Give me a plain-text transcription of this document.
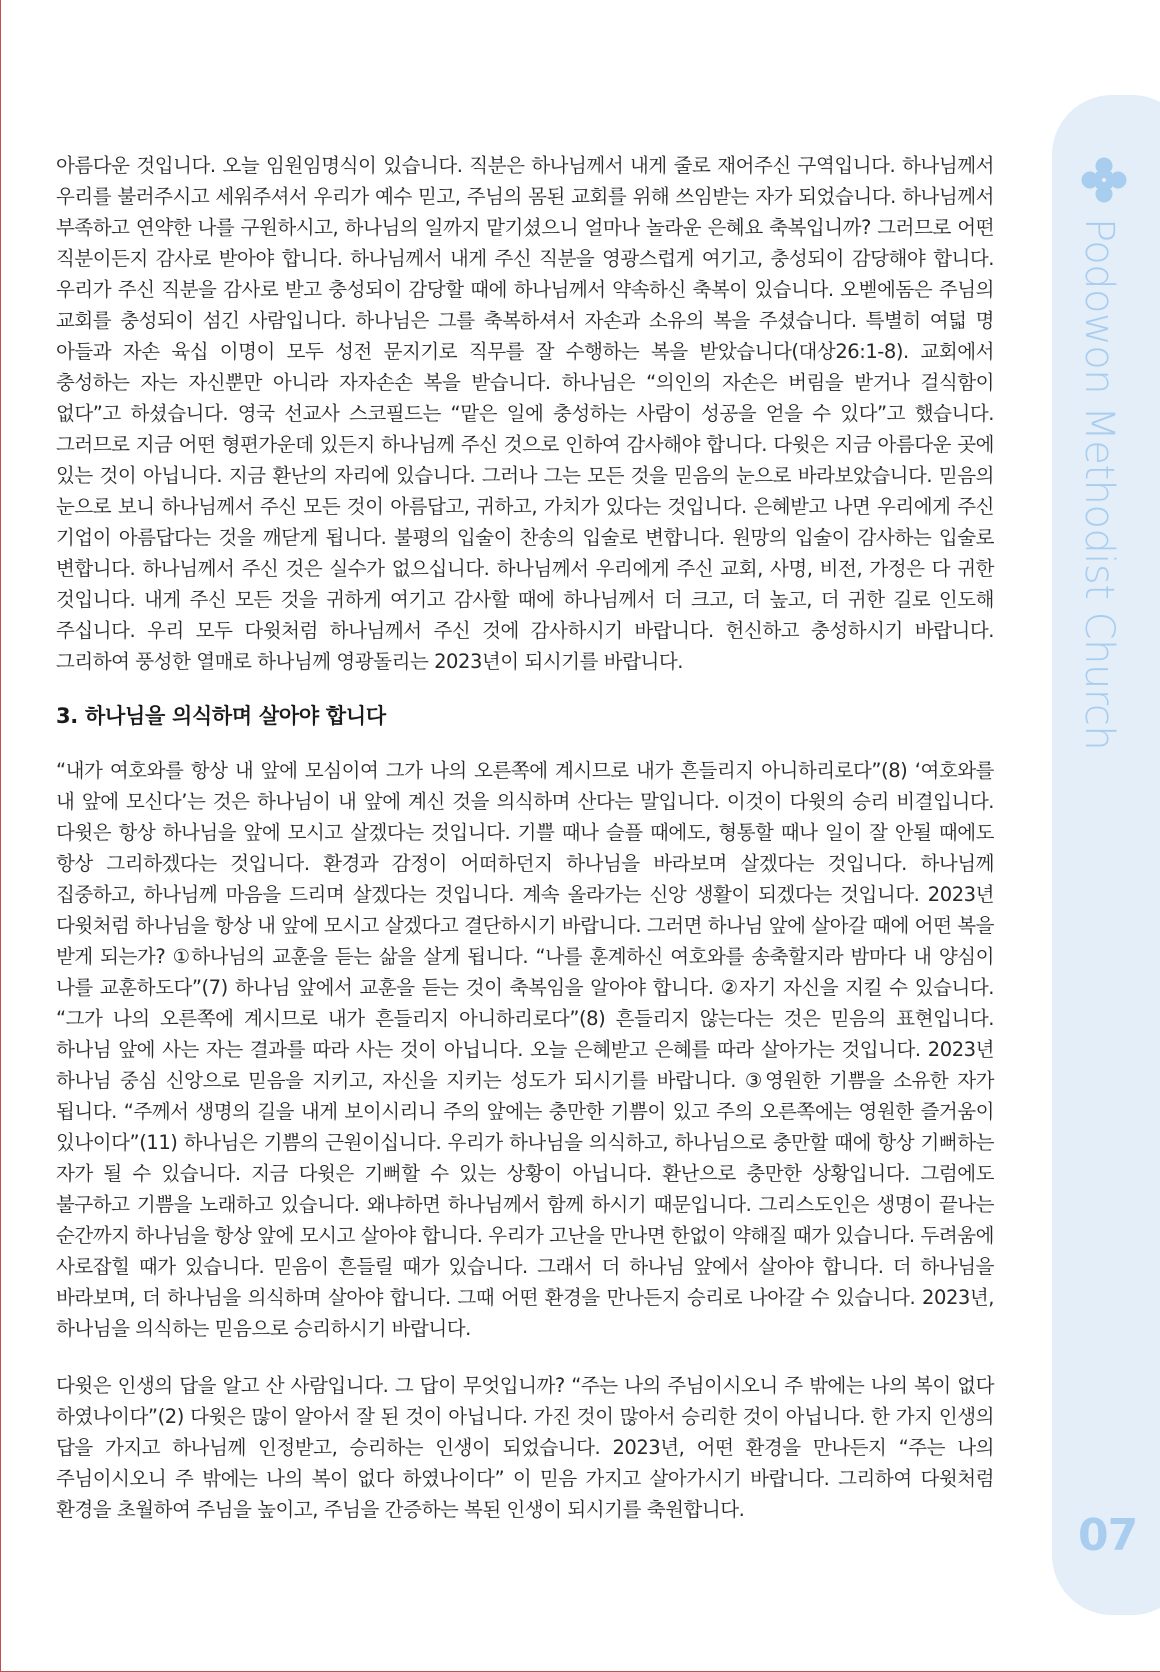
아름다운 것입니다. 오늘 임원임명식이 있습니다. 직분은 하나님께서 내게 줄로 재어주신 구역입니다. 하나님께서 우리를 불러주시고 세워주셔서 우리가 예수 믿고, 주님의 몸된 교회를 위해 쓰임받는 자가 되었습니다. 하나님께서 부족하고 연약한 나를 구원하시고, 하나님의 일까지 맡기셨으니 얼마나 놀라운 은혜요 축복입니까? 그러므로 어떤 직분이든지 감사로 받아야 합니다. 하나님께서 내게 주신 직분을 영광스럽게 여기고, 충성되이 감당해야 합니다. 우리가 주신 직분을 감사로 받고 충성되이 감당할 때에 하나님께서 약속하신 축복이 있습니다. 오벧에돔은 주님의 교회를 충성되이 섬긴 사람입니다. 하나님은 그를 축복하셔서 자손과 소유의 복을 주셨습니다. 특별히 여덟 명 아들과 자손 육십 이명이 모두 성전 문지기로 직무를 잘 수행하는 복을 받았습니다(대상26:1-8). 교회에서 충성하는 자는 자신뿐만 아니라 자자손손 복을 받습니다. 하나님은 “의인의 자손은 버림을 받거나 걸식함이 없다”고 하셨습니다. 영국 선교사 스코필드는 “맡은 일에 충성하는 사람이 성공을 얻을 수 있다”고 했습니다. 그러므로 지금 어떤 형편가운데 있든지 하나님께 주신 것으로 인하여 감사해야 합니다. 다윗은 지금 아름다운 곳에 있는 것이 아닙니다. 지금 환난의 자리에 있습니다. 그러나 그는 모든 것을 믿음의 눈으로 바라보았습니다. 믿음의 눈으로 보니 하나님께서 주신 모든 것이 아름답고, 귀하고, 가치가 있다는 것입니다. 은혜받고 나면 우리에게 주신 기업이 아름답다는 것을 깨닫게 됩니다. 불평의 입술이 찬송의 입술로 변합니다. 원망의 입술이 감사하는 입술로 변합니다. 하나님께서 주신 것은 실수가 없으십니다. 하나님께서 우리에게 주신 교회, 사명, 비전, 가정은 다 귀한 것입니다. 내게 주신 모든 것을 귀하게 여기고 감사할 때에 하나님께서 더 크고, 더 높고, 더 귀한 길로 인도해 주십니다. 우리 모두 다윗처럼 하나님께서 주신 것에 감사하시기 바랍니다. 헌신하고 충성하시기 바랍니다. 그리하여 풍성한 열매로 하나님께 영광돌리는 2023년이 되시기를 바랍니다.

3. 하나님을 의식하며 살아야 합니다

“내가 여호와를 항상 내 앞에 모심이여 그가 나의 오른쪽에 계시므로 내가 흔들리지 아니하리로다”(8) ‘여호와를 내 앞에 모신다’는 것은 하나님이 내 앞에 계신 것을 의식하며 산다는 말입니다. 이것이 다윗의 승리 비결입니다. 다윗은 항상 하나님을 앞에 모시고 살겠다는 것입니다. 기쁠 때나 슬플 때에도, 형통할 때나 일이 잘 안될 때에도 항상 그리하겠다는 것입니다. 환경과 감정이 어떠하던지 하나님을 바라보며 살겠다는 것입니다. 하나님께 집중하고, 하나님께 마음을 드리며 살겠다는 것입니다. 계속 올라가는 신앙 생활이 되겠다는 것입니다. 2023년 다윗처럼 하나님을 항상 내 앞에 모시고 살겠다고 결단하시기 바랍니다. 그러면 하나님 앞에 살아갈 때에 어떤 복을 받게 되는가? ①하나님의 교훈을 듣는 삶을 살게 됩니다. “나를 훈계하신 여호와를 송축할지라 밤마다 내 양심이 나를 교훈하도다”(7) 하나님 앞에서 교훈을 듣는 것이 축복임을 알아야 합니다. ②자기 자신을 지킬 수 있습니다. “그가 나의 오른쪽에 계시므로 내가 흔들리지 아니하리로다”(8) 흔들리지 않는다는 것은 믿음의 표현입니다. 하나님 앞에 사는 자는 결과를 따라 사는 것이 아닙니다. 오늘 은혜받고 은혜를 따라 살아가는 것입니다. 2023년 하나님 중심 신앙으로 믿음을 지키고, 자신을 지키는 성도가 되시기를 바랍니다. ③영원한 기쁨을 소유한 자가 됩니다. “주께서 생명의 길을 내게 보이시리니 주의 앞에는 충만한 기쁨이 있고 주의 오른쪽에는 영원한 즐거움이 있나이다”(11) 하나님은 기쁨의 근원이십니다. 우리가 하나님을 의식하고, 하나님으로 충만할 때에 항상 기뻐하는 자가 될 수 있습니다. 지금 다윗은 기뻐할 수 있는 상황이 아닙니다. 환난으로 충만한 상황입니다. 그럼에도 불구하고 기쁨을 노래하고 있습니다. 왜냐하면 하나님께서 함께 하시기 때문입니다. 그리스도인은 생명이 끝나는 순간까지 하나님을 항상 앞에 모시고 살아야 합니다. 우리가 고난을 만나면 한없이 약해질 때가 있습니다. 두려움에 사로잡힐 때가 있습니다. 믿음이 흔들릴 때가 있습니다. 그래서 더 하나님 앞에서 살아야 합니다. 더 하나님을 바라보며, 더 하나님을 의식하며 살아야 합니다. 그때 어떤 환경을 만나든지 승리로 나아갈 수 있습니다. 2023년, 하나님을 의식하는 믿음으로 승리하시기 바랍니다.

다윗은 인생의 답을 알고 산 사람입니다. 그 답이 무엇입니까? “주는 나의 주님이시오니 주 밖에는 나의 복이 없다 하였나이다”(2) 다윗은 많이 알아서 잘 된 것이 아닙니다. 가진 것이 많아서 승리한 것이 아닙니다. 한 가지 인생의 답을 가지고 하나님께 인정받고, 승리하는 인생이 되었습니다. 2023년, 어떤 환경을 만나든지 “주는 나의 주님이시오니 주 밖에는 나의 복이 없다 하였나이다” 이 믿음 가지고 살아가시기 바랍니다. 그리하여 다윗처럼 환경을 초월하여 주님을 높이고, 주님을 간증하는 복된 인생이 되시기를 축원합니다.

Podowon Methodist Church
07
